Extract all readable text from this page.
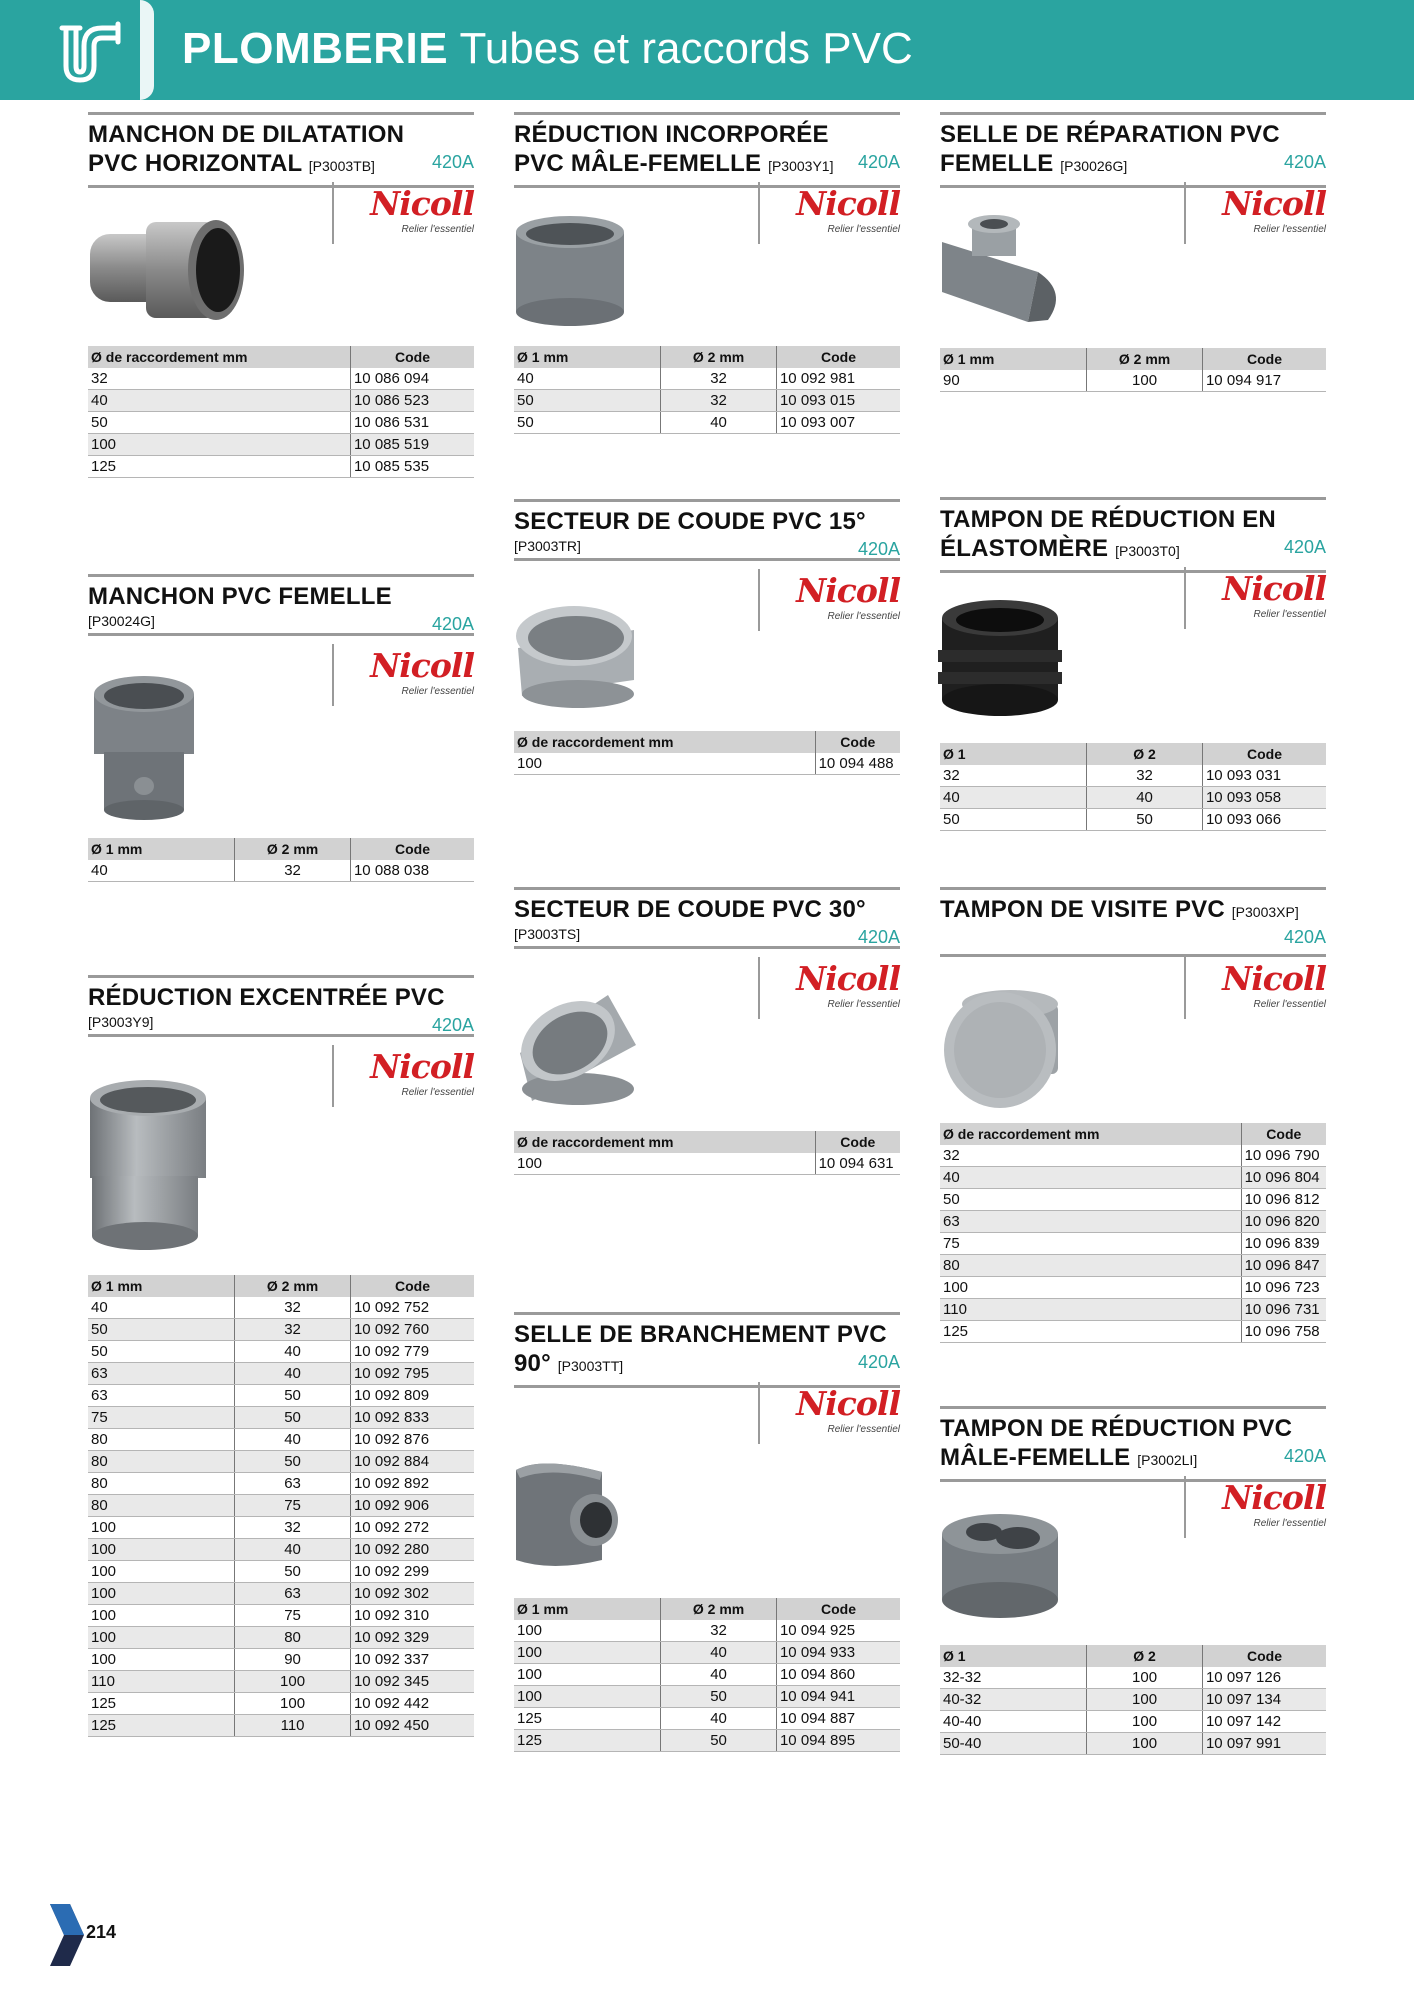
PLOMBERIE Tubes et raccords PVC
MANCHON DE DILATATION
PVC HORIZONTAL [P3003TB]	420A
Nicoll
Relier l'essentiel
Ø de raccordement mm	Code
32	10 086 094
40	10 086 523
50	10 086 531
100	10 085 519
125	10 085 535
MANCHON PVC FEMELLE
[P30024G]	420A
Nicoll
Relier l'essentiel
Ø 1 mm	Ø 2 mm	Code
40	32	10 088 038
RÉDUCTION EXCENTRÉE PVC
[P3003Y9]	420A
Nicoll
Relier l'essentiel
Ø 1 mm	Ø 2 mm	Code
40	32	10 092 752
50	32	10 092 760
50	40	10 092 779
63	40	10 092 795
63	50	10 092 809
75	50	10 092 833
80	40	10 092 876
80	50	10 092 884
80	63	10 092 892
80	75	10 092 906
100	32	10 092 272
100	40	10 092 280
100	50	10 092 299
100	63	10 092 302
100	75	10 092 310
100	80	10 092 329
100	90	10 092 337
110	100	10 092 345
125	100	10 092 442
125	110	10 092 450
RÉDUCTION INCORPORÉE
PVC MÂLE-FEMELLE [P3003Y1]	420A
Nicoll
Relier l'essentiel
Ø 1 mm	Ø 2 mm	Code
40	32	10 092 981
50	32	10 093 015
50	40	10 093 007
SECTEUR DE COUDE PVC 15°
[P3003TR]	420A
Nicoll
Relier l'essentiel
Ø de raccordement mm	Code
100	10 094 488
SECTEUR DE COUDE PVC 30°
[P3003TS]	420A
Nicoll
Relier l'essentiel
Ø de raccordement mm	Code
100	10 094 631
SELLE DE BRANCHEMENT PVC
90° [P3003TT]	420A
Nicoll
Relier l'essentiel
Ø 1 mm	Ø 2 mm	Code
100	32	10 094 925
100	40	10 094 933
100	40	10 094 860
100	50	10 094 941
125	40	10 094 887
125	50	10 094 895
SELLE DE RÉPARATION PVC
FEMELLE [P30026G]	420A
Nicoll
Relier l'essentiel
Ø 1 mm	Ø 2 mm	Code
90	100	10 094 917
TAMPON DE RÉDUCTION EN
ÉLASTOMÈRE [P3003T0]	420A
Nicoll
Relier l'essentiel
Ø 1	Ø 2	Code
32	32	10 093 031
40	40	10 093 058
50	50	10 093 066
TAMPON DE VISITE PVC [P3003XP]
420A
Nicoll
Relier l'essentiel
Ø de raccordement mm	Code
32	10 096 790
40	10 096 804
50	10 096 812
63	10 096 820
75	10 096 839
80	10 096 847
100	10 096 723
110	10 096 731
125	10 096 758
TAMPON DE RÉDUCTION PVC
MÂLE-FEMELLE [P3002LI]	420A
Nicoll
Relier l'essentiel
Ø 1	Ø 2	Code
32-32	100	10 097 126
40-32	100	10 097 134
40-40	100	10 097 142
50-40	100	10 097 991
214
